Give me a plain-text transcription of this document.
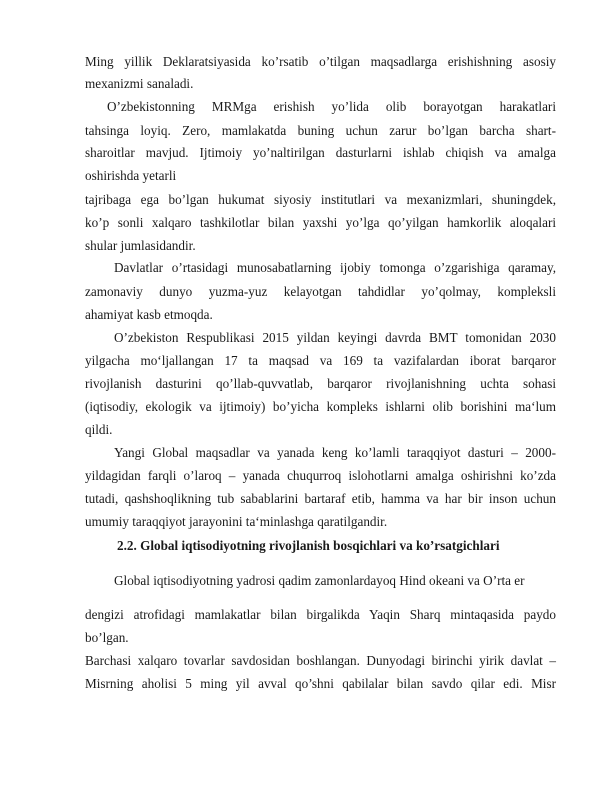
Ming yillik Deklaratsiyasida ko’rsatib o’tilgan maqsadlarga erishishning asosiy
mexanizmi sanaladi.
O’zbekistonning MRMga erishish yo’lida olib borayotgan harakatlari
tahsinga loyiq. Zero, mamlakatda buning uchun zarur bo’lgan barcha shart-
sharoitlar mavjud. Ijtimoiy yo’naltirilgan dasturlarni ishlab chiqish va amalga
oshirishda yetarli
tajribaga ega bo’lgan hukumat siyosiy institutlari va mexanizmlari, shuningdek,
ko’p sonli xalqaro tashkilotlar bilan yaxshi yo’lga qo’yilgan hamkorlik aloqalari
shular jumlasidandir.
Davlatlar o’rtasidagi munosabatlarning ijobiy tomonga o’zgarishiga qaramay,
zamonaviy dunyo yuzma-yuz kelayotgan tahdidlar yo’qolmay, kompleksli
ahamiyat kasb etmoqda.
O’zbekiston Respublikasi 2015 yildan keyingi davrda BMT tomonidan 2030
yilgacha mo‘ljallangan 17 ta maqsad va 169 ta vazifalardan iborat barqaror
rivojlanish dasturini qo’llab-quvvatlab, barqaror rivojlanishning uchta sohasi
(iqtisodiy, ekologik va ijtimoiy) bo’yicha kompleks ishlarni olib borishini ma‘lum
qildi.
Yangi Global maqsadlar va yanada keng ko’lamli taraqqiyot dasturi – 2000-
yildagidan farqli o’laroq – yanada chuqurroq islohotlarni amalga oshirishni ko’zda
tutadi, qashshoqlikning tub sabablarini bartaraf etib, hamma va har bir inson uchun
umumiy taraqqiyot jarayonini ta‘minlashga qaratilgandir.
2.2. Global iqtisodiyotning rivojlanish bosqichlari va ko’rsatgichlari
Global iqtisodiyotning yadrosi qadim zamonlardayoq Hind okeani va O’rta er
dengizi atrofidagi mamlakatlar bilan birgalikda Yaqin Sharq mintaqasida paydo
bo’lgan.
Barchasi xalqaro tovarlar savdosidan boshlangan. Dunyodagi birinchi yirik davlat –
Misrning aholisi 5 ming yil avval qo’shni qabilalar bilan savdo qilar edi. Misr
